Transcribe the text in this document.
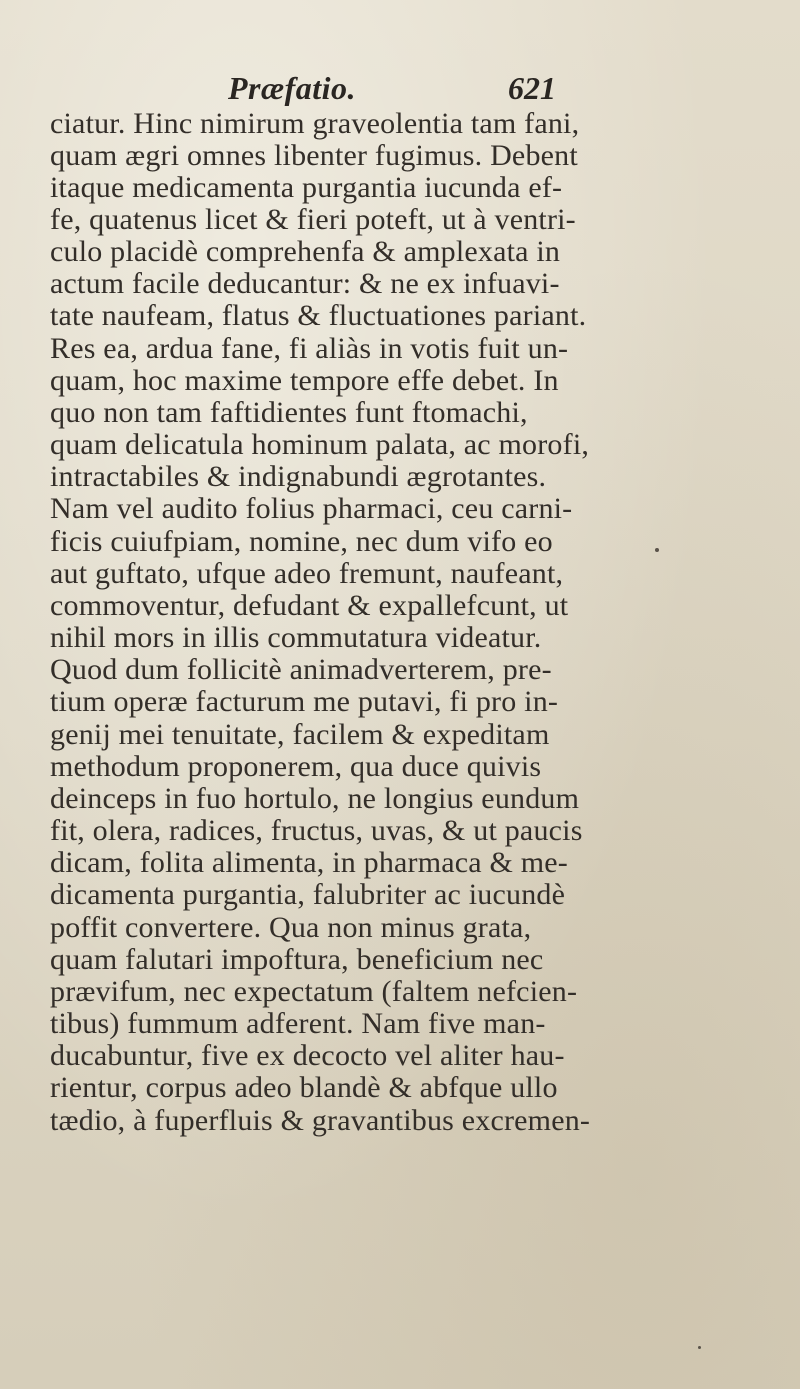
Præfatio.	621
ciatur. Hinc nimirum graveolentia tam fani,
quam ægri omnes libenter fugimus. Debent
itaque medicamenta purgantia iucunda ef-
fe, quatenus licet & fieri poteft, ut à ventri-
culo placidè comprehenfa & amplexata in
actum facile deducantur: & ne ex infuavi-
tate naufeam, flatus & fluctuationes pariant.
Res ea, ardua fane, fi aliàs in votis fuit un-
quam, hoc maxime tempore effe debet. In
quo non tam faftidientes funt ftomachi,
quam delicatula hominum palata, ac morofi,
intractabiles & indignabundi ægrotantes.
Nam vel audito folius pharmaci, ceu carni-
ficis cuiufpiam, nomine, nec dum vifo eo
aut guftato, ufque adeo fremunt, naufeant,
commoventur, defudant & expallefcunt, ut
nihil mors in illis commutatura videatur.
Quod dum follicitè animadverterem, pre-
tium operæ facturum me putavi, fi pro in-
genij mei tenuitate, facilem & expeditam
methodum proponerem, qua duce quivis
deinceps in fuo hortulo, ne longius eundum
fit, olera, radices, fructus, uvas, & ut paucis
dicam, folita alimenta, in pharmaca & me-
dicamenta purgantia, falubriter ac iucundè
poffit convertere. Qua non minus grata,
quam falutari impoftura, beneficium nec
prævifum, nec expectatum (faltem nefcien-
tibus) fummum adferent. Nam five man-
ducabuntur, five ex decocto vel aliter hau-
rientur, corpus adeo blandè & abfque ullo
tædio, à fuperfluis & gravantibus excremen-
